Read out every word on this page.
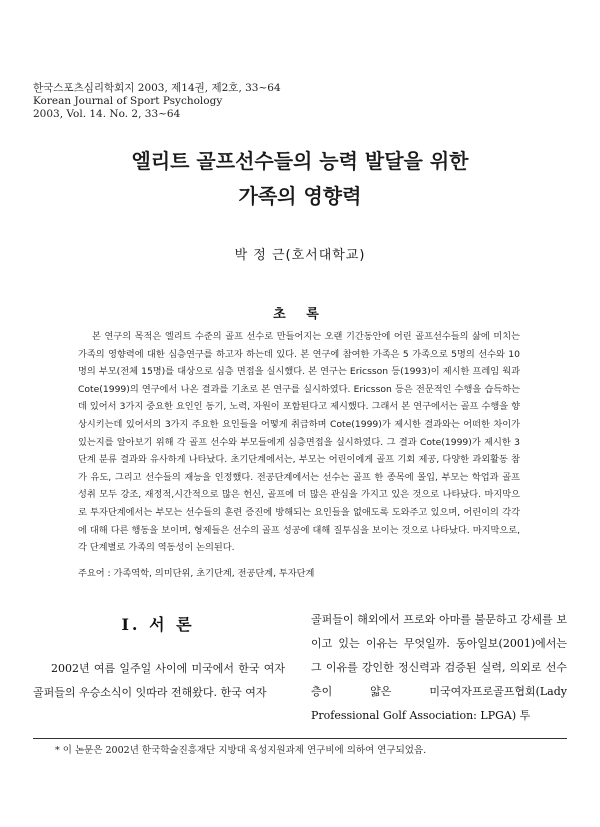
한국스포츠심리학회지 2003, 제14권, 제2호, 33~64
Korean Journal of Sport Psychology
2003, Vol. 14. No. 2, 33~64
엘리트 골프선수들의 능력 발달을 위한
가족의 영향력
박 정 근(호서대학교)
초 록
본 연구의 목적은 엘리트 수준의 골프 선수로 만들어지는 오랜 기간동안에 어린 골프선수들의 삶에 미치는 가족의 영향력에 대한 심층연구를 하고자 하는데 있다. 본 연구에 참여한 가족은 5 가족으로 5명의 선수와 10명의 부모(전체 15명)를 대상으로 심층 면접을 실시했다. 본 연구는 Ericsson 등(1993)이 제시한 프레임 웍과 Cote(1999)의 연구에서 나온 결과를 기초로 본 연구를 실시하였다. Ericsson 등은 전문적인 수행을 습득하는데 있어서 3가지 중요한 요인인 동기, 노력, 자원이 포함된다고 제시했다. 그래서 본 연구에서는 골프 수행을 향상시키는데 있어서의 3가지 주요한 요인들을 어떻게 취급하며 Cote(1999)가 제시한 결과와는 어떠한 차이가 있는지를 알아보기 위해 각 골프 선수와 부모들에게 심층면접을 실시하였다. 그 결과 Cote(1999)가 제시한 3단계 분류 결과와 유사하게 나타났다. 초기단계에서는, 부모는 어린이에게 골프 기회 제공, 다양한 과외활동 참가 유도, 그리고 선수들의 재능을 인정했다. 전공단계에서는 선수는 골프 한 종목에 몰입, 부모는 학업과 골프 성취 모두 강조, 재정적,시간적으로 많은 헌신, 골프에 더 많은 관심을 가지고 있은 것으로 나타났다. 마지막으로 투자단계에서는 부모는 선수들의 훈련 증진에 방해되는 요인들을 없애도록 도와주고 있으며, 어린이의 각각에 대해 다른 행동을 보이며, 형제들은 선수의 골프 성공에 대해 질투심을 보이는 것으로 나타났다. 마지막으로, 각 단계별로 가족의 역동성이 논의된다.
주요어 : 가족역학, 의미단위, 초기단계, 전공단계, 투자단계
Ⅰ. 서 론
2002년 여름 일주일 사이에 미국에서 한국 여자 골퍼들의 우승소식이 잇따라 전해왔다. 한국 여자
골퍼들이 해외에서 프로와 아마를 불문하고 강세를 보이고 있는 이유는 무엇일까. 동아일보(2001)에서는 그 이유를 강인한 정신력과 검증된 실력, 의외로 선수 층이 얇은 미국여자프로골프협회(Lady Professional Golf Association: LPGA) 투
* 이 논문은 2002년 한국학술진흥재단 지방대 육성지원과제 연구비에 의하여 연구되었음.
